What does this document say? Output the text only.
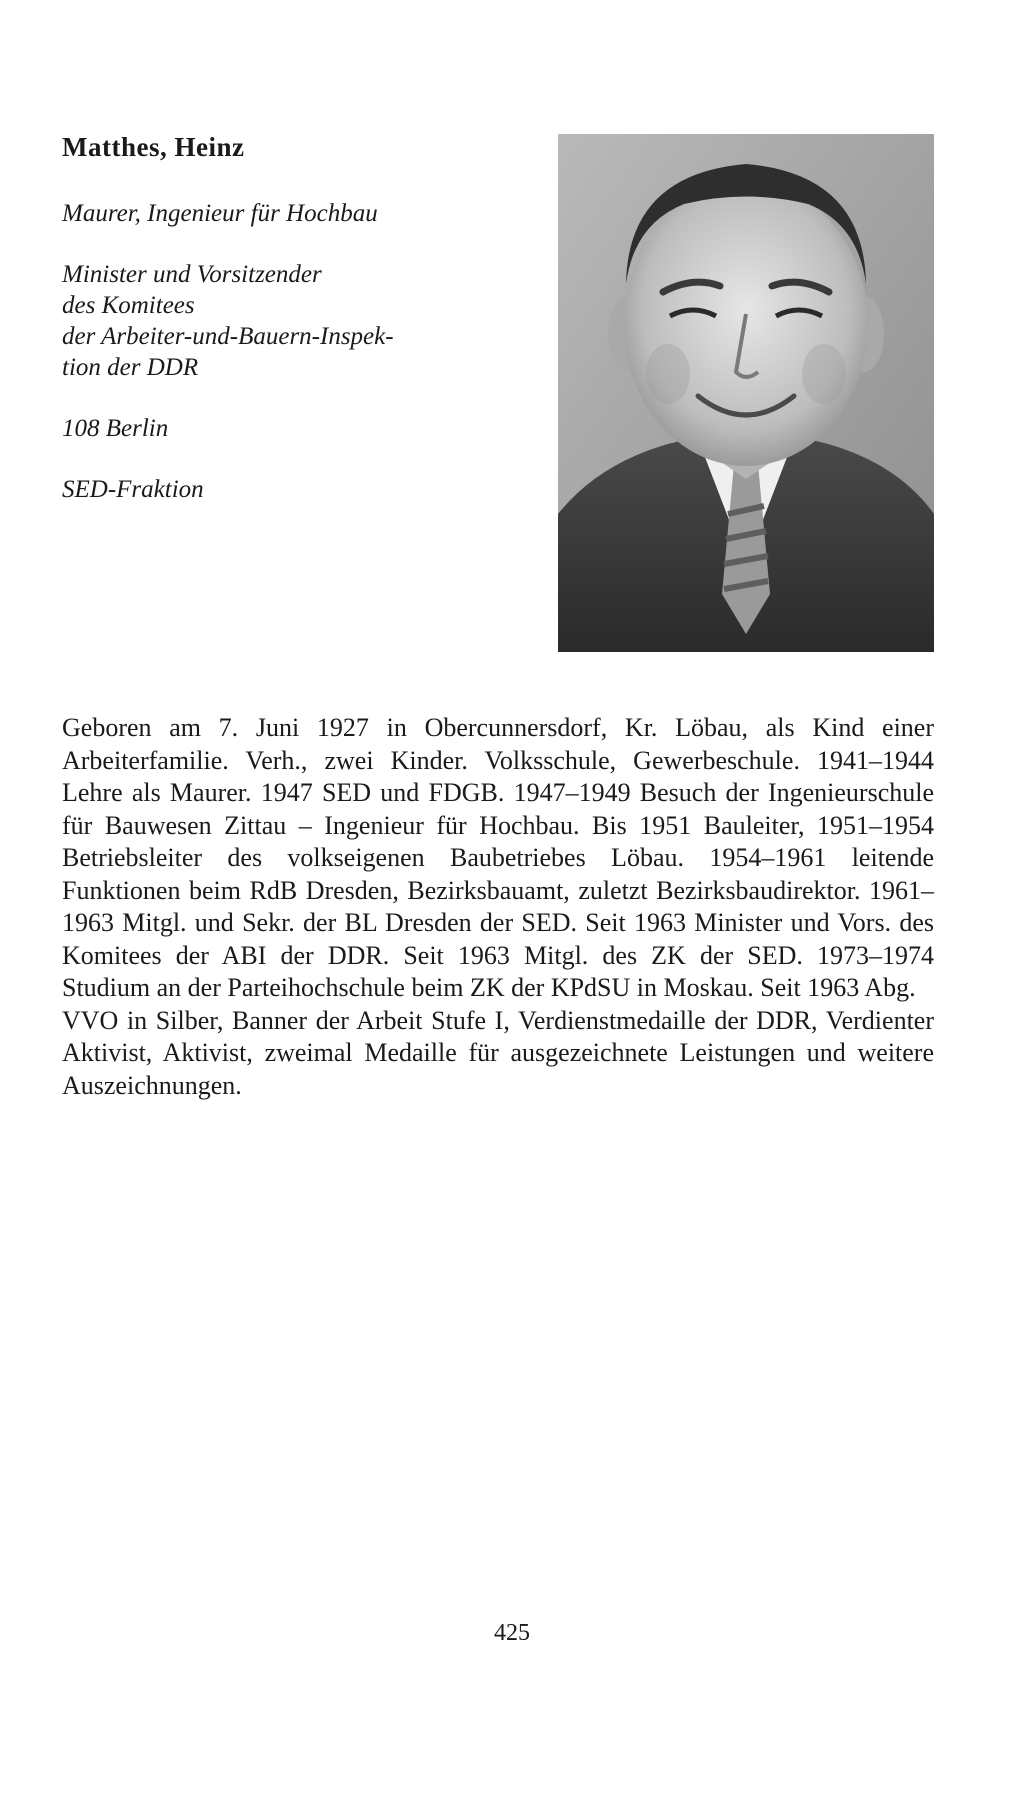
Matthes, Heinz
Maurer, Ingenieur für Hochbau
Minister und Vorsitzender
des Komitees
der Arbeiter-und-Bauern-Inspek-
tion der DDR
108 Berlin
SED-Fraktion

Geboren am 7. Juni 1927 in Obercunnersdorf, Kr. Löbau, als Kind einer Arbeiterfamilie. Verh., zwei Kinder. Volksschule, Gewerbeschule. 1941–1944 Lehre als Maurer. 1947 SED und FDGB. 1947–1949 Besuch der Ingenieurschule für Bauwesen Zittau – Ingenieur für Hochbau. Bis 1951 Bauleiter, 1951–1954 Betriebsleiter des volkseigenen Baubetriebes Löbau. 1954–1961 leitende Funktionen beim RdB Dresden, Bezirksbauamt, zuletzt Bezirksbaudirektor. 1961–1963 Mitgl. und Sekr. der BL Dresden der SED. Seit 1963 Minister und Vors. des Komitees der ABI der DDR. Seit 1963 Mitgl. des ZK der SED. 1973–1974 Studium an der Parteihochschule beim ZK der KPdSU in Moskau. Seit 1963 Abg.

VVO in Silber, Banner der Arbeit Stufe I, Verdienstmedaille der DDR, Verdienter Aktivist, Aktivist, zweimal Medaille für ausgezeichnete Leistungen und weitere Auszeichnungen.

425
